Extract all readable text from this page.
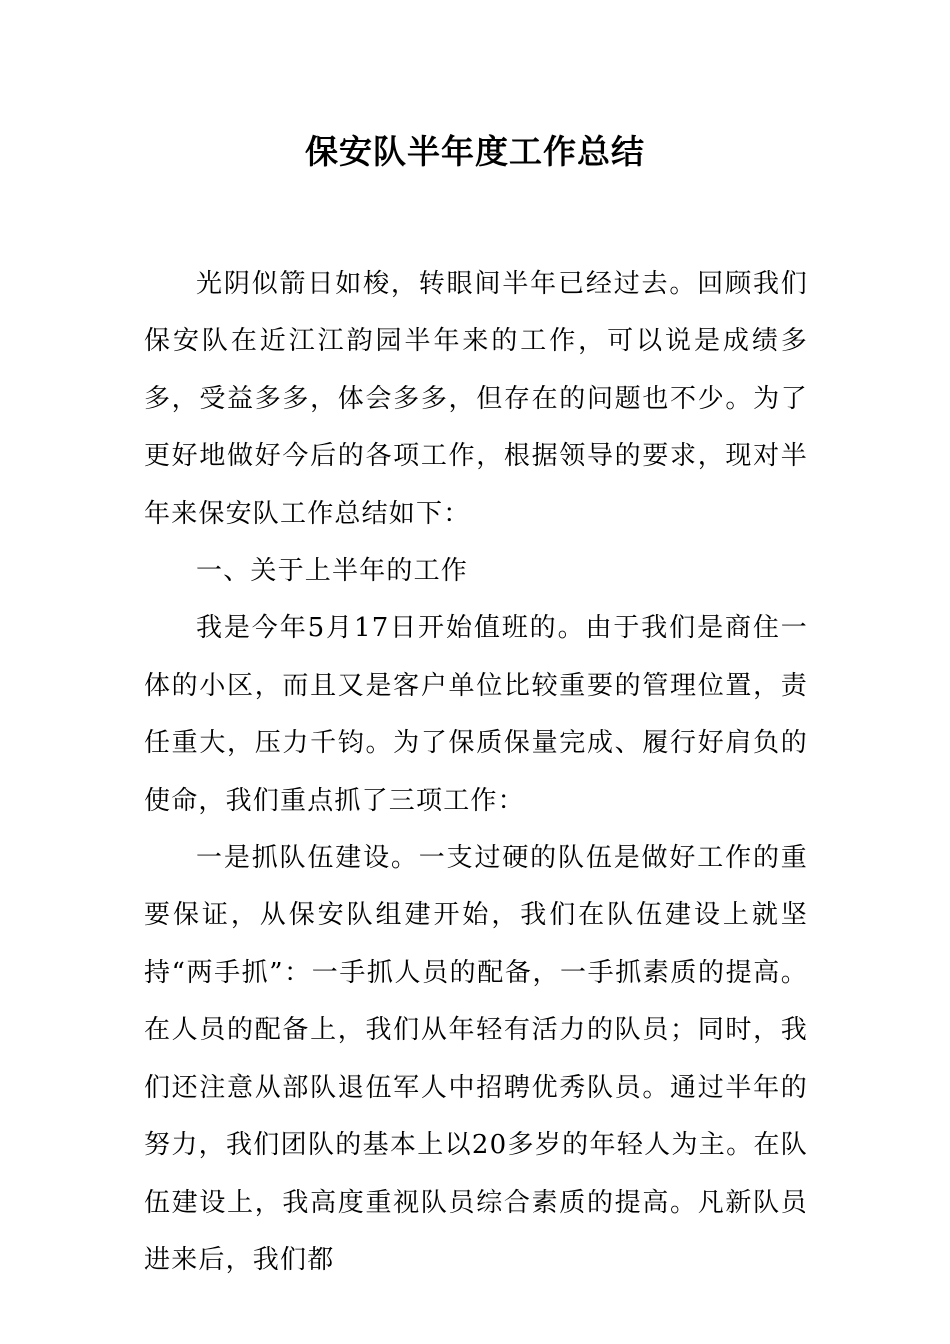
保安队半年度工作总结

光阴似箭日如梭，转眼间半年已经过去。回顾我们保安队在近江江韵园半年来的工作，可以说是成绩多多，受益多多，体会多多，但存在的问题也不少。为了更好地做好今后的各项工作，根据领导的要求，现对半年来保安队工作总结如下：

一、关于上半年的工作

我是今年5月17日开始值班的。由于我们是商住一体的小区，而且又是客户单位比较重要的管理位置，责任重大，压力千钧。为了保质保量完成、履行好肩负的使命，我们重点抓了三项工作：

一是抓队伍建设。一支过硬的队伍是做好工作的重要保证，从保安队组建开始，我们在队伍建设上就坚持“两手抓”：一手抓人员的配备，一手抓素质的提高。在人员的配备上，我们从年轻有活力的队员；同时，我们还注意从部队退伍军人中招聘优秀队员。通过半年的努力，我们团队的基本上以20多岁的年轻人为主。在队伍建设上，我高度重视队员综合素质的提高。凡新队员进来后，我们都
